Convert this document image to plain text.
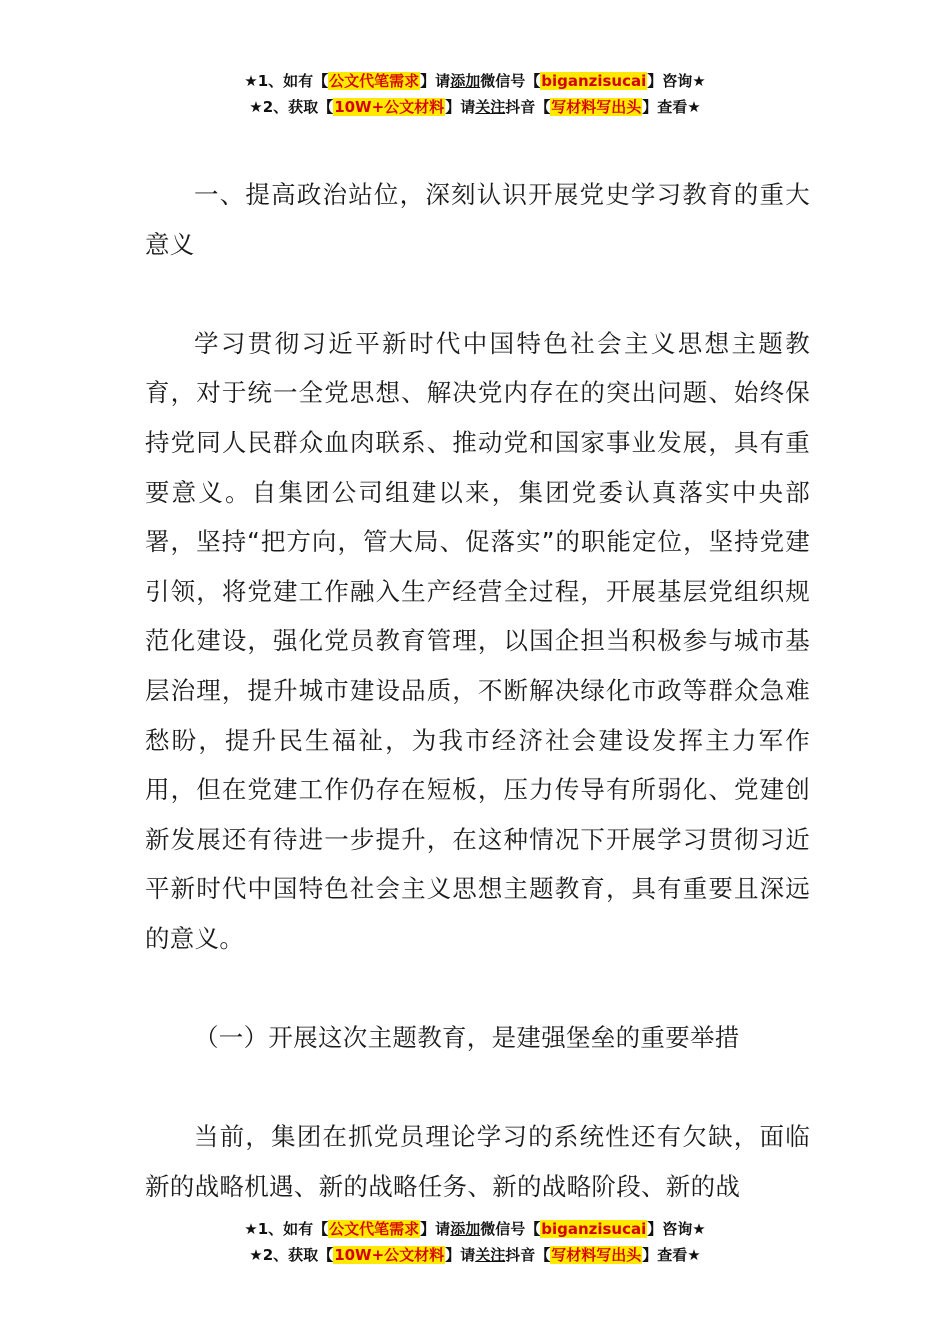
★1、如有【公文代笔需求】请添加微信号【biganzisucai】咨询★
★2、获取【10W+公文材料】请关注抖音【写材料写出头】查看★

一、提高政治站位，深刻认识开展党史学习教育的重大意义

学习贯彻习近平新时代中国特色社会主义思想主题教育，对于统一全党思想、解决党内存在的突出问题、始终保持党同人民群众血肉联系、推动党和国家事业发展，具有重要意义。自集团公司组建以来，集团党委认真落实中央部署，坚持“把方向，管大局、促落实”的职能定位，坚持党建引领，将党建工作融入生产经营全过程，开展基层党组织规范化建设，强化党员教育管理，以国企担当积极参与城市基层治理，提升城市建设品质，不断解决绿化市政等群众急难愁盼，提升民生福祉，为我市经济社会建设发挥主力军作用，但在党建工作仍存在短板，压力传导有所弱化、党建创新发展还有待进一步提升，在这种情况下开展学习贯彻习近平新时代中国特色社会主义思想主题教育，具有重要且深远的意义。

（一）开展这次主题教育，是建强堡垒的重要举措

当前，集团在抓党员理论学习的系统性还有欠缺，面临新的战略机遇、新的战略任务、新的战略阶段、新的战

★1、如有【公文代笔需求】请添加微信号【biganzisucai】咨询★
★2、获取【10W+公文材料】请关注抖音【写材料写出头】查看★
